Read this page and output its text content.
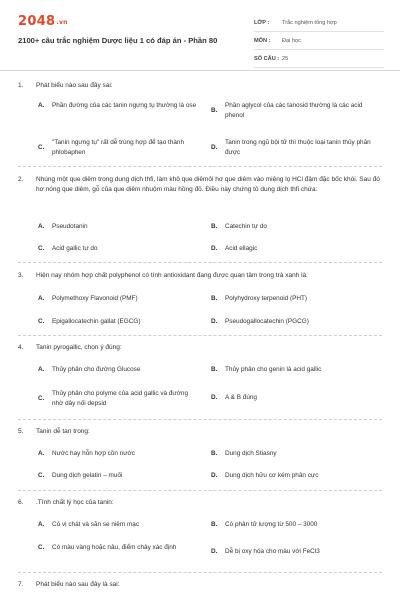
2048.vn
2100+ câu trắc nghiệm Dược liệu 1 có đáp án - Phần 80
LỚP :	Trắc nghiệm tổng hợp
MÔN :	Đại học
SỐ CÂU : 25
1.	Phát biểu nào sau đây sai:
A.	Phần đường của các tanin ngưng tụ thường là ose
B.
Phần aglycol của các tanosid thường là các acid phenol
C.
"Tanin ngưng tụ" rất dễ trùng hợp để tạo thành phlobaphen
D.
Tanin trong ngũ bội tử thì thuộc loại tanin thủy phân được
2.	Nhúng một que diêm trong dung dịch thfi, làm khô que diêmôi hơ que diêm vào miệng lọ HCl đậm đặc bốc khói. Sau đó hơ nóng que diêm, gỗ của que diêm nhuộm màu hồng đỏ. Điều này chứng tỏ dung dịch thfi chứa:
A.	Pseudotanin	B.	Catechin tự do
C.	Acid gallic tự do	D.	Acid ellagic
3.	Hiện nay nhóm hợp chất polyphenol có tính antioxidant đang được quan tâm trong trà xanh là:
A.	Polymethoxy Flavonoid (PMF)	B.	Polyhydroxy terpenoid (PHT)
C.	Epigallocatechin gallat (EGCG)	D.	Pseudogallocatechin (PGCG)
4.	Tanin pyrogallic, chọn ý đúng:
A.	Thủy phân cho đường Glucose	B.	Thủy phân cho genin là acid gallic
C.
Thủy phân cho polyme của acid gallic và đường nhờ dây nối depsid
D.	A & B đúng
5.	Tanin dễ tan trong:
A.	Nước hay hỗn hợp cồn nước	B.	Dung dịch Stiasny
C.	Dung dịch gelatin – muối	D.	Dung dịch hữu cơ kém phân cực
6.	.Tính chất lý học của tanin:
A.	Có vị chát và săn se niêm mạc	B.	Có phân tử lượng từ 500 – 3000
C.	Có màu vàng hoặc nâu, điểm chảy xác định
D.	Dễ bị oxy hóa cho màu với FeCl3
7.	Phát biểu nào sau đây là sai:
